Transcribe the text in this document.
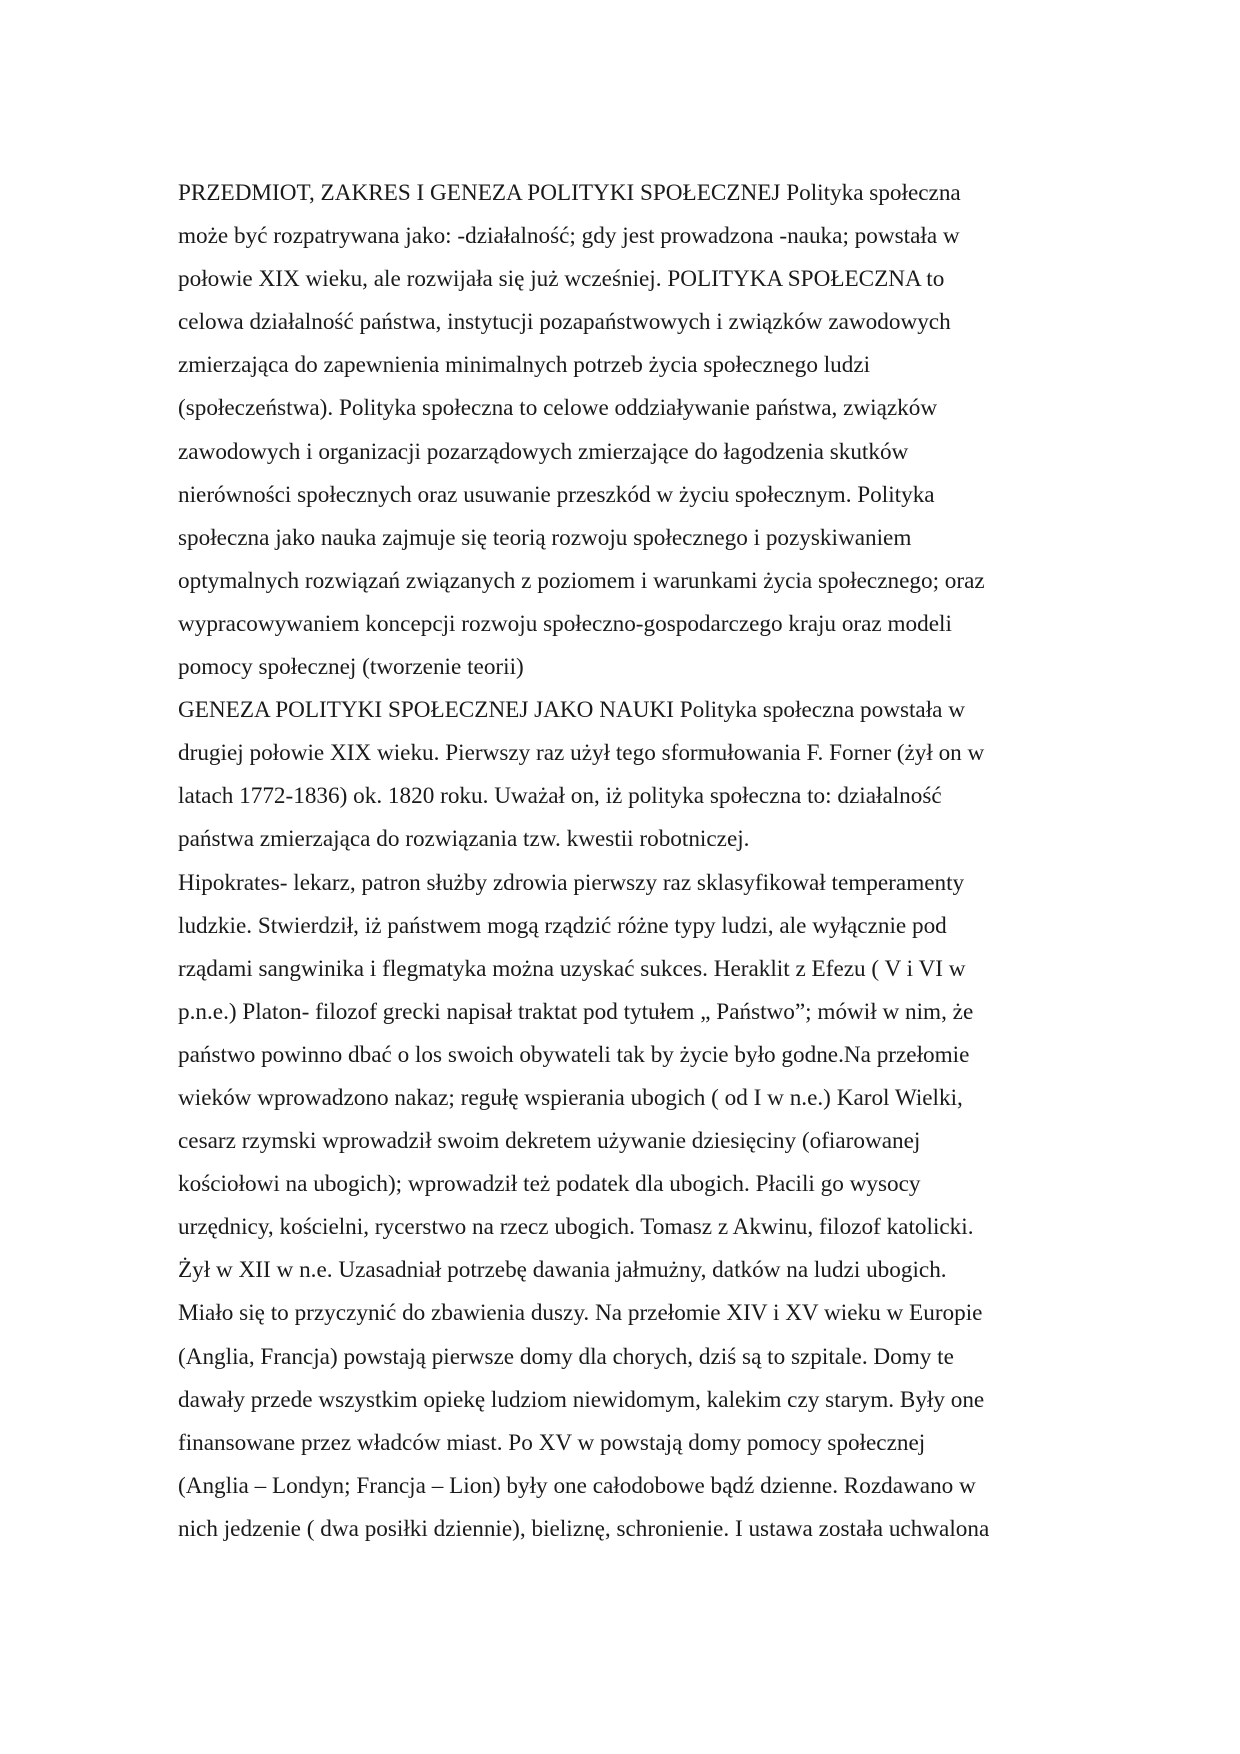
PRZEDMIOT, ZAKRES I GENEZA POLITYKI SPOŁECZNEJ Polityka społeczna
może być rozpatrywana jako: -działalność; gdy jest prowadzona -nauka; powstała w
połowie XIX wieku, ale rozwijała się już wcześniej. POLITYKA SPOŁECZNA to
celowa działalność państwa, instytucji pozapaństwowych i związków zawodowych
zmierzająca do zapewnienia minimalnych potrzeb życia społecznego ludzi
(społeczeństwa). Polityka społeczna to celowe oddziaływanie państwa, związków
zawodowych i organizacji pozarządowych zmierzające do łagodzenia skutków
nierówności społecznych oraz usuwanie przeszkód w życiu społecznym. Polityka
społeczna jako nauka zajmuje się teorią rozwoju społecznego i pozyskiwaniem
optymalnych rozwiązań związanych z poziomem i warunkami życia społecznego; oraz
wypracowywaniem koncepcji rozwoju społeczno-gospodarczego kraju oraz modeli
pomocy społecznej (tworzenie teorii)
GENEZA POLITYKI SPOŁECZNEJ JAKO NAUKI Polityka społeczna powstała w
drugiej połowie XIX wieku. Pierwszy raz użył tego sformułowania F. Forner (żył on w
latach 1772-1836) ok. 1820 roku. Uważał on, iż polityka społeczna to: działalność
państwa zmierzająca do rozwiązania tzw. kwestii robotniczej.
Hipokrates- lekarz, patron służby zdrowia pierwszy raz sklasyfikował temperamenty
ludzkie. Stwierdził, iż państwem mogą rządzić różne typy ludzi, ale wyłącznie pod
rządami sangwinika i flegmatyka można uzyskać sukces. Heraklit z Efezu ( V i VI w
p.n.e.) Platon- filozof grecki napisał traktat pod tytułem „ Państwo”; mówił w nim, że
państwo powinno dbać o los swoich obywateli tak by życie było godne.Na przełomie
wieków wprowadzono nakaz; regułę wspierania ubogich ( od I w n.e.) Karol Wielki,
cesarz rzymski wprowadził swoim dekretem używanie dziesięciny (ofiarowanej
kościołowi na ubogich); wprowadził też podatek dla ubogich. Płacili go wysocy
urzędnicy, kościelni, rycerstwo na rzecz ubogich. Tomasz z Akwinu, filozof katolicki.
Żył w XII w n.e. Uzasadniał potrzebę dawania jałmużny, datków na ludzi ubogich.
Miało się to przyczynić do zbawienia duszy. Na przełomie XIV i XV wieku w Europie
(Anglia, Francja) powstają pierwsze domy dla chorych, dziś są to szpitale. Domy te
dawały przede wszystkim opiekę ludziom niewidomym, kalekim czy starym. Były one
finansowane przez władców miast. Po XV w powstają domy pomocy społecznej
(Anglia – Londyn; Francja – Lion) były one całodobowe bądź dzienne. Rozdawano w
nich jedzenie ( dwa posiłki dziennie), bieliznę, schronienie. I ustawa została uchwalona
